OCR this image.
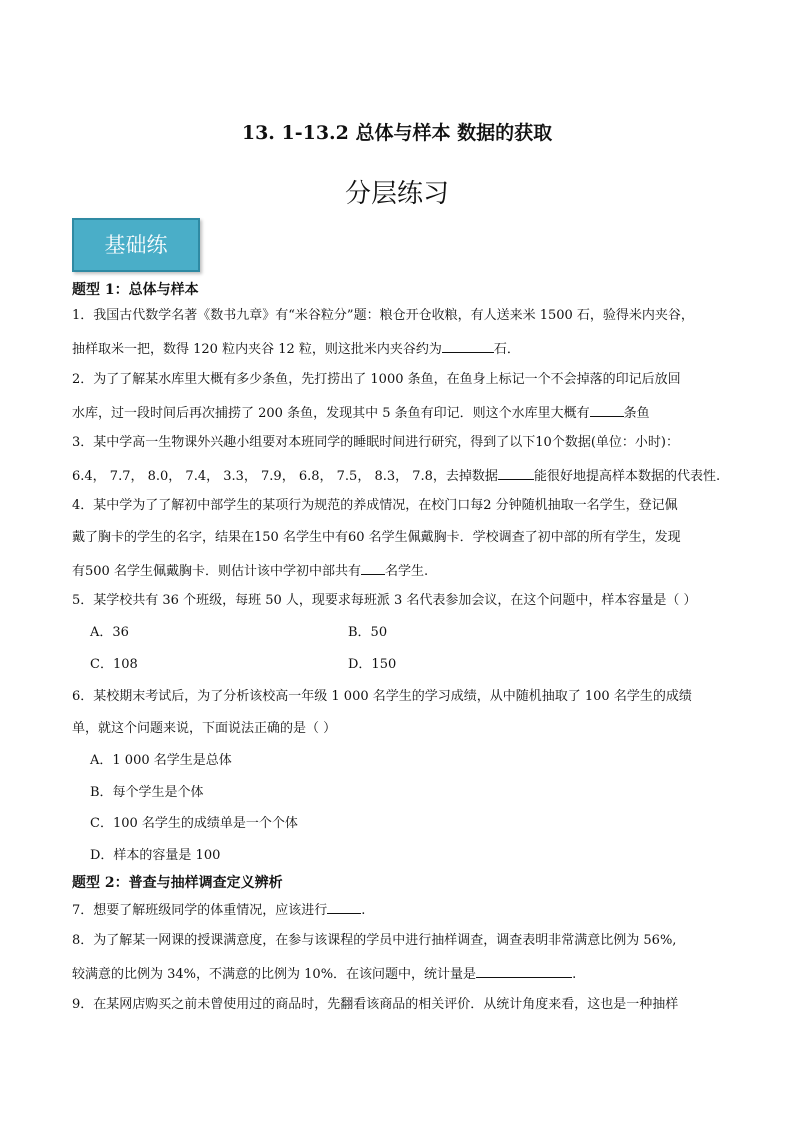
13. 1-13.2 总体与样本 数据的获取
分层练习
基础练
题型 1：总体与样本
1．我国古代数学名著《数书九章》有“米谷粒分”题：粮仓开仓收粮，有人送来米 1500 石，验得米内夹谷，
抽样取米一把，数得 120 粒内夹谷 12 粒，则这批米内夹谷约为	石．
2．为了了解某水库里大概有多少条鱼，先打捞出了 1000 条鱼，在鱼身上标记一个不会掉落的印记后放回
水库，过一段时间后再次捕捞了 200 条鱼，发现其中 5 条鱼有印记．则这个水库里大概有	条鱼
3．某中学高一生物课外兴趣小组要对本班同学的睡眠时间进行研究，得到了以下10个数据(单位：小时)：
6.4， 7.7， 8.0， 7.4， 3.3， 7.9， 6.8， 7.5， 8.3， 7.8，去掉数据	能很好地提高样本数据的代表性.
4．某中学为了了解初中部学生的某项行为规范的养成情况，在校门口每2 分钟随机抽取一名学生，登记佩
戴了胸卡的学生的名字，结果在150 名学生中有60 名学生佩戴胸卡．学校调查了初中部的所有学生，发现
有500 名学生佩戴胸卡．则估计该中学初中部共有 名学生.
5．某学校共有 36 个班级，每班 50 人，现要求每班派 3 名代表参加会议，在这个问题中，样本容量是（ ）
A．36	B．50
C．108	D．150
6．某校期末考试后，为了分析该校高一年级 1 000 名学生的学习成绩，从中随机抽取了 100 名学生的成绩
单，就这个问题来说，下面说法正确的是（ ）
A．1 000 名学生是总体
B．每个学生是个体
C．100 名学生的成绩单是一个个体
D．样本的容量是 100
题型 2：普查与抽样调查定义辨析
7．想要了解班级同学的体重情况，应该进行	.
8．为了解某一网课的授课满意度，在参与该课程的学员中进行抽样调查，调查表明非常满意比例为 56%,
较满意的比例为 34%，不满意的比例为 10%．在该问题中，统计量是	.
9．在某网店购买之前未曾使用过的商品时，先翻看该商品的相关评价．从统计角度来看，这也是一种抽样
